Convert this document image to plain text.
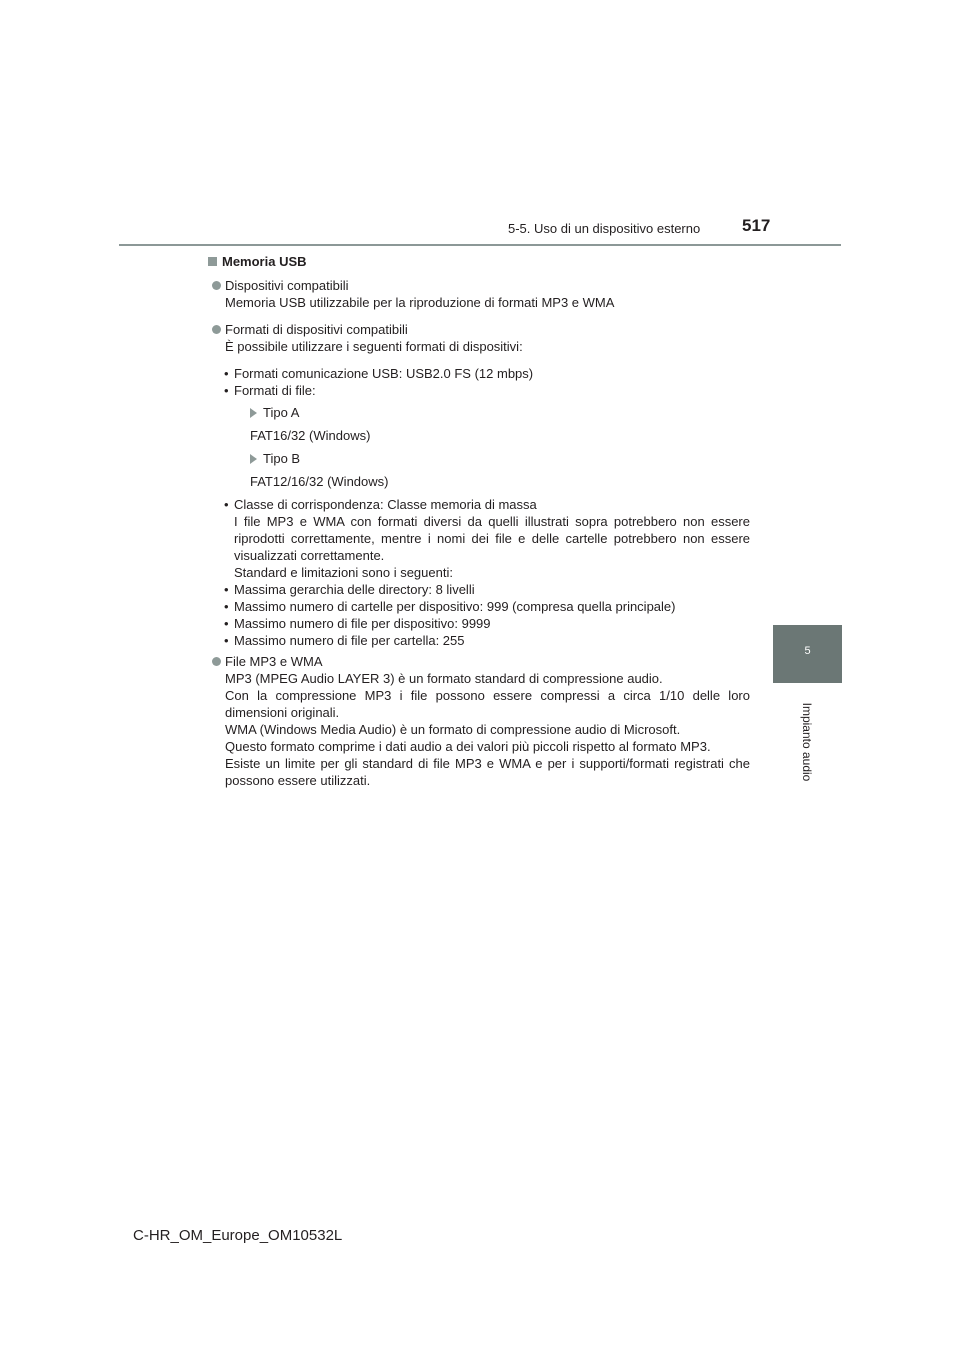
5-5. Uso di un dispositivo esterno 517
5
Impianto audio
Memoria USB
Dispositivi compatibili
Memoria USB utilizzabile per la riproduzione di formati MP3 e WMA
Formati di dispositivi compatibili
È possibile utilizzare i seguenti formati di dispositivi:
• Formati comunicazione USB: USB2.0 FS (12 mbps)
• Formati di file:
Tipo A
FAT16/32 (Windows)
Tipo B
FAT12/16/32 (Windows)
• Classe di corrispondenza: Classe memoria di massa
I file MP3 e WMA con formati diversi da quelli illustrati sopra potrebbero non essere riprodotti correttamente, mentre i nomi dei file e delle cartelle potrebbero non essere visualizzati correttamente.
Standard e limitazioni sono i seguenti:
• Massima gerarchia delle directory: 8 livelli
• Massimo numero di cartelle per dispositivo: 999 (compresa quella principale)
• Massimo numero di file per dispositivo: 9999
• Massimo numero di file per cartella: 255
File MP3 e WMA
MP3 (MPEG Audio LAYER 3) è un formato standard di compressione audio.
Con la compressione MP3 i file possono essere compressi a circa 1/10 delle loro dimensioni originali.
WMA (Windows Media Audio) è un formato di compressione audio di Microsoft.
Questo formato comprime i dati audio a dei valori più piccoli rispetto al formato MP3.
Esiste un limite per gli standard di file MP3 e WMA e per i supporti/formati registrati che possono essere utilizzati.
C-HR_OM_Europe_OM10532L
